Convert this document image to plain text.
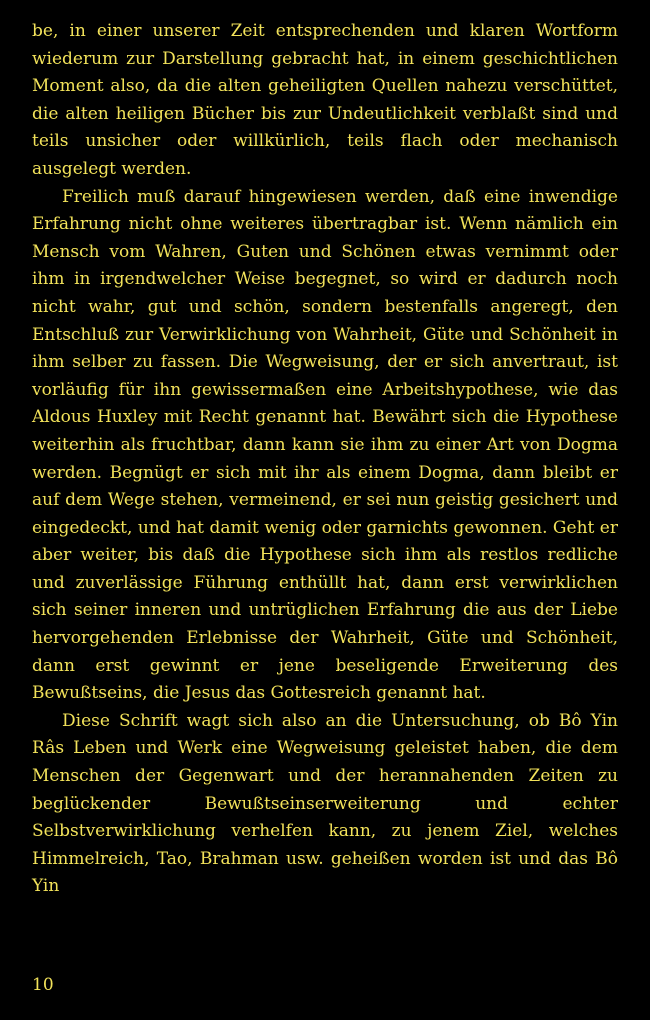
be, in einer unserer Zeit entsprechenden und klaren Wortform wiederum zur Darstellung gebracht hat, in einem geschichtlichen Moment also, da die alten geheiligten Quellen nahezu verschüttet, die alten heiligen Bücher bis zur Undeutlichkeit verblaßt sind und teils unsicher oder willkürlich, teils flach oder mechanisch ausgelegt werden.

Freilich muß darauf hingewiesen werden, daß eine inwendige Erfahrung nicht ohne weiteres übertragbar ist. Wenn nämlich ein Mensch vom Wahren, Guten und Schönen etwas vernimmt oder ihm in irgendwelcher Weise begegnet, so wird er dadurch noch nicht wahr, gut und schön, sondern bestenfalls angeregt, den Entschluß zur Verwirklichung von Wahrheit, Güte und Schönheit in ihm selber zu fassen. Die Wegweisung, der er sich anvertraut, ist vorläufig für ihn gewissermaßen eine Arbeitshypothese, wie das Aldous Huxley mit Recht genannt hat. Bewährt sich die Hypothese weiterhin als fruchtbar, dann kann sie ihm zu einer Art von Dogma werden. Begnügt er sich mit ihr als einem Dogma, dann bleibt er auf dem Wege stehen, vermeinend, er sei nun geistig gesichert und eingedeckt, und hat damit wenig oder garnichts gewonnen. Geht er aber weiter, bis daß die Hypothese sich ihm als restlos redliche und zuverlässige Führung enthüllt hat, dann erst verwirklichen sich seiner inneren und untrüglichen Erfahrung die aus der Liebe hervorgehenden Erlebnisse der Wahrheit, Güte und Schönheit, dann erst gewinnt er jene beseligende Erweiterung des Bewußtseins, die Jesus das Gottesreich genannt hat.

Diese Schrift wagt sich also an die Untersuchung, ob Bô Yin Râs Leben und Werk eine Wegweisung geleistet haben, die dem Menschen der Gegenwart und der herannahenden Zeiten zu beglückender Bewußtseinserweiterung und echter Selbstverwirklichung verhelfen kann, zu jenem Ziel, welches Himmelreich, Tao, Brahman usw. geheißen worden ist und das Bô Yin

10
